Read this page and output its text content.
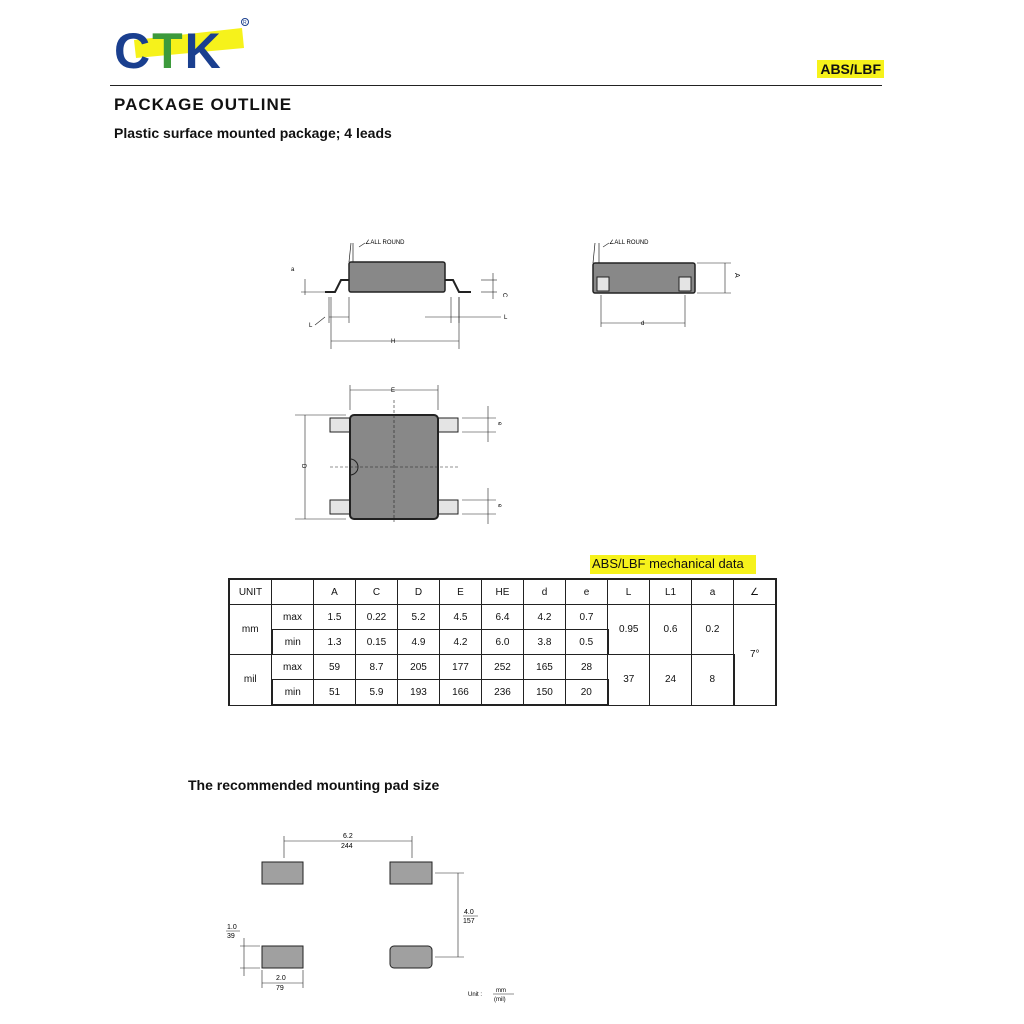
CTK	R
ABS/LBF
PACKAGE OUTLINE
Plastic surface mounted package; 4 leads
∠ALL ROUND
a
C
L
L
H
∠ALL ROUND
A
d
E
D
e
e
ABS/LBF mechanical data
UNIT		A	C	D	E	HE	d	e	L	L1	a	∠
mm	max	1.5	0.22	5.2	4.5	6.4	4.2	0.7	0.95	0.6	0.2	7°
	min	1.3	0.15	4.9	4.2	6.0	3.8	0.5				
mil	max	59	8.7	205	177	252	165	28	37	24	8	
	min	51	5.9	193	166	236	150	20				
The recommended mounting pad size
6.2
244
4.0
157
1.0
39
2.0
79
Unit :
mm
(mil)
